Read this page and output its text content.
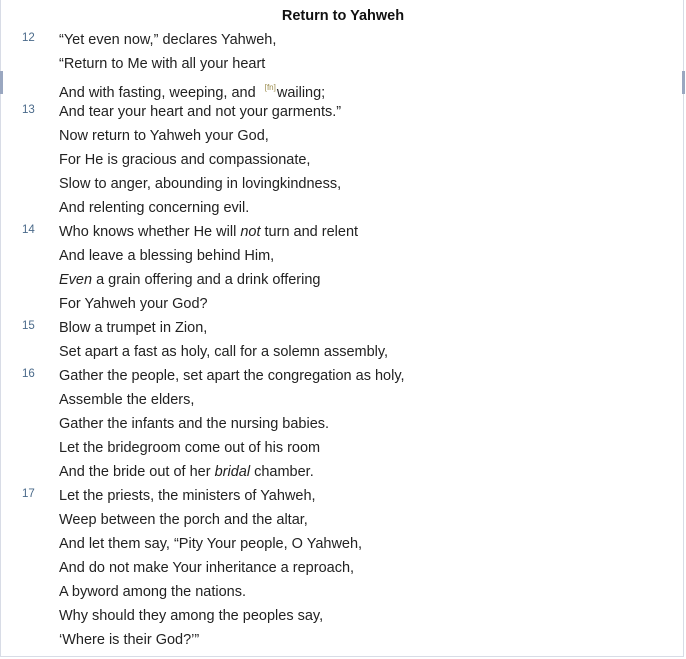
Return to Yahweh
12 “Yet even now,” declares Yahweh,
“Return to Me with all your heart
And with fasting, weeping, and [fn]wailing;
13 And tear your heart and not your garments.”
Now return to Yahweh your God,
For He is gracious and compassionate,
Slow to anger, abounding in lovingkindness,
And relenting concerning evil.
14 Who knows whether He will not turn and relent
And leave a blessing behind Him,
Even a grain offering and a drink offering
For Yahweh your God?
15 Blow a trumpet in Zion,
Set apart a fast as holy, call for a solemn assembly,
16 Gather the people, set apart the congregation as holy,
Assemble the elders,
Gather the infants and the nursing babies.
Let the bridegroom come out of his room
And the bride out of her bridal chamber.
17 Let the priests, the ministers of Yahweh,
Weep between the porch and the altar,
And let them say, “Pity Your people, O Yahweh,
And do not make Your inheritance a reproach,
A byword among the nations.
Why should they among the peoples say,
‘Where is their God?’”
